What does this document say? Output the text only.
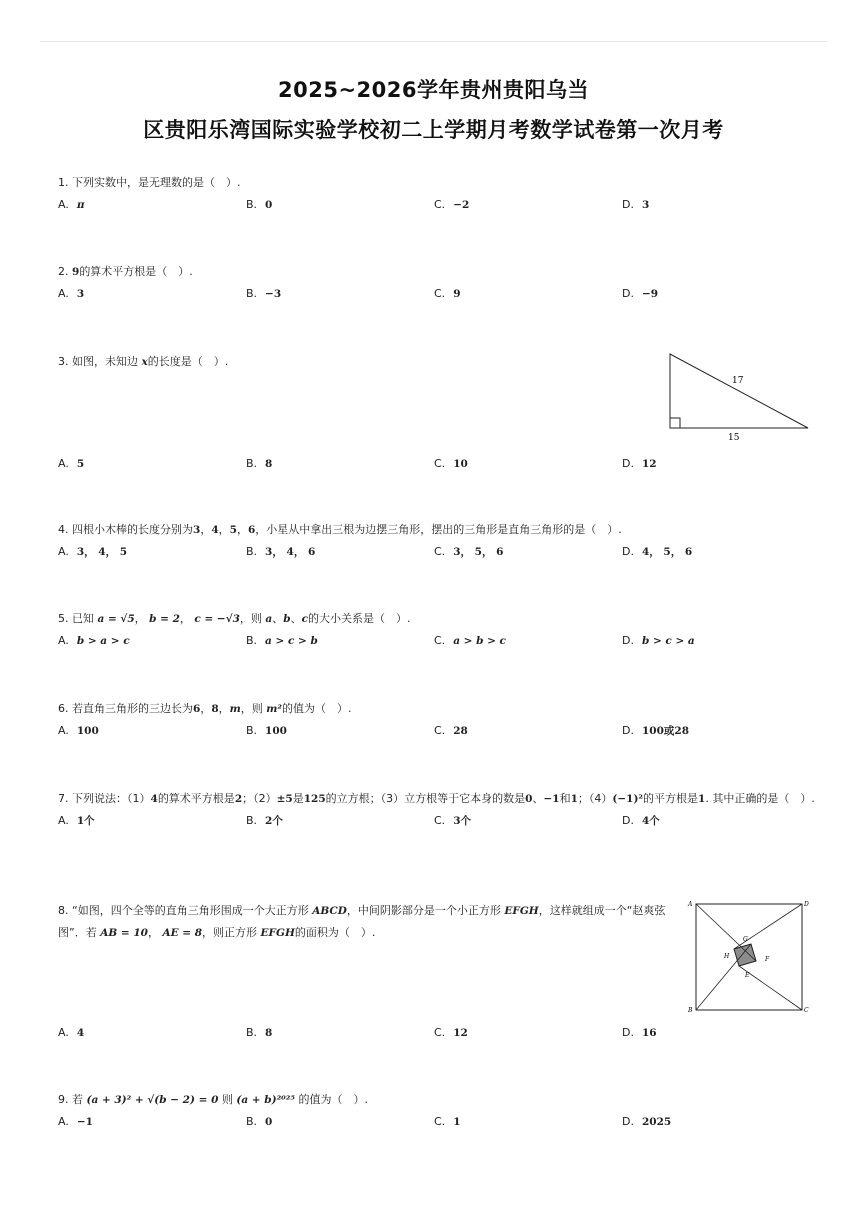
2025~2026学年贵州贵阳乌当
区贵阳乐湾国际实验学校初二上学期月考数学试卷第一次月考
1. 下列实数中，是无理数的是（　）.
A. π	B. 0	C. −2	D. 3
2. 9的算术平方根是（　）.
A. 3	B. −3	C. 9	D. −9
3. 如图，未知边 x的长度是（　）.
17
15
A. 5	B. 8	C. 10	D. 12
4. 四根小木棒的长度分别为3，4，5，6，小星从中拿出三根为边摆三角形，摆出的三角形是直角三角形的是（　）.
A. 3， 4， 5	B. 3， 4， 6	C. 3， 5， 6	D. 4， 5， 6
5. 已知 a = √5， b = 2， c = −√3，则 a、b、c的大小关系是（　）.
A. b > a > c	B. a > c > b	C. a > b > c	D. b > c > a
6. 若直角三角形的三边长为6，8，m，则 m²的值为（　）.
A. 100	B. 100	C. 28	D. 100或28
7. 下列说法：（1）4的算术平方根是2；（2）±5是125的立方根；（3）立方根等于它本身的数是0、−1和1；（4）(−1)²的平方根是1. 其中正确的是（　）.
A. 1个	B. 2个	C. 3个	D. 4个
8. “如图，四个全等的直角三角形围成一个大正方形 ABCD，中间阴影部分是一个小正方形 EFGH，这样就组成一个“赵爽弦图”．若 AB = 10， AE = 8，则正方形 EFGH的面积为（　）.
A
B	C
D
E
F
G
H
A. 4	B. 8	C. 12	D. 16
9. 若 (a + 3)² + √(b − 2) = 0 则 (a + b)²⁰²⁵ 的值为（　）.
A. −1	B. 0	C. 1	D. 2025
